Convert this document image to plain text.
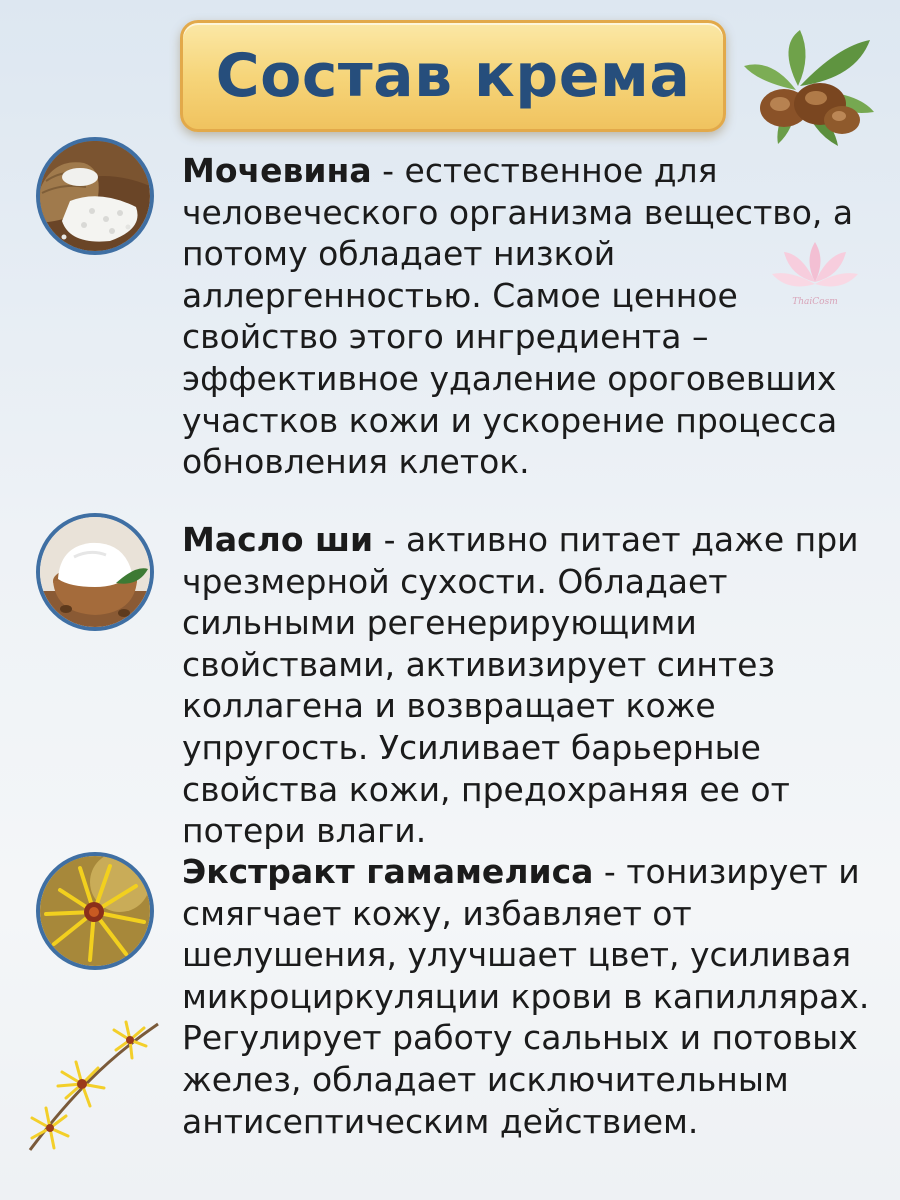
Состав крема
ThaiCosm
Мочевина - естественное для человеческого организма вещество, а потому обладает низкой аллергенностью. Самое ценное свойство этого ингредиента – эффективное удаление ороговевших участков кожи и ускорение процесса обновления клеток.
Масло ши - активно питает даже при чрезмерной сухости. Обладает сильными регенерирующими свойствами, активизирует синтез коллагена и возвращает коже упругость. Усиливает барьерные свойства кожи, предохраняя ее от потери влаги.
Экстракт гамамелиса - тонизирует и смягчает кожу, избавляет от шелушения, улучшает цвет, усиливая микроциркуляции крови в капиллярах. Регулирует работу сальных и потовых желез, обладает исключительным антисептическим действием.
